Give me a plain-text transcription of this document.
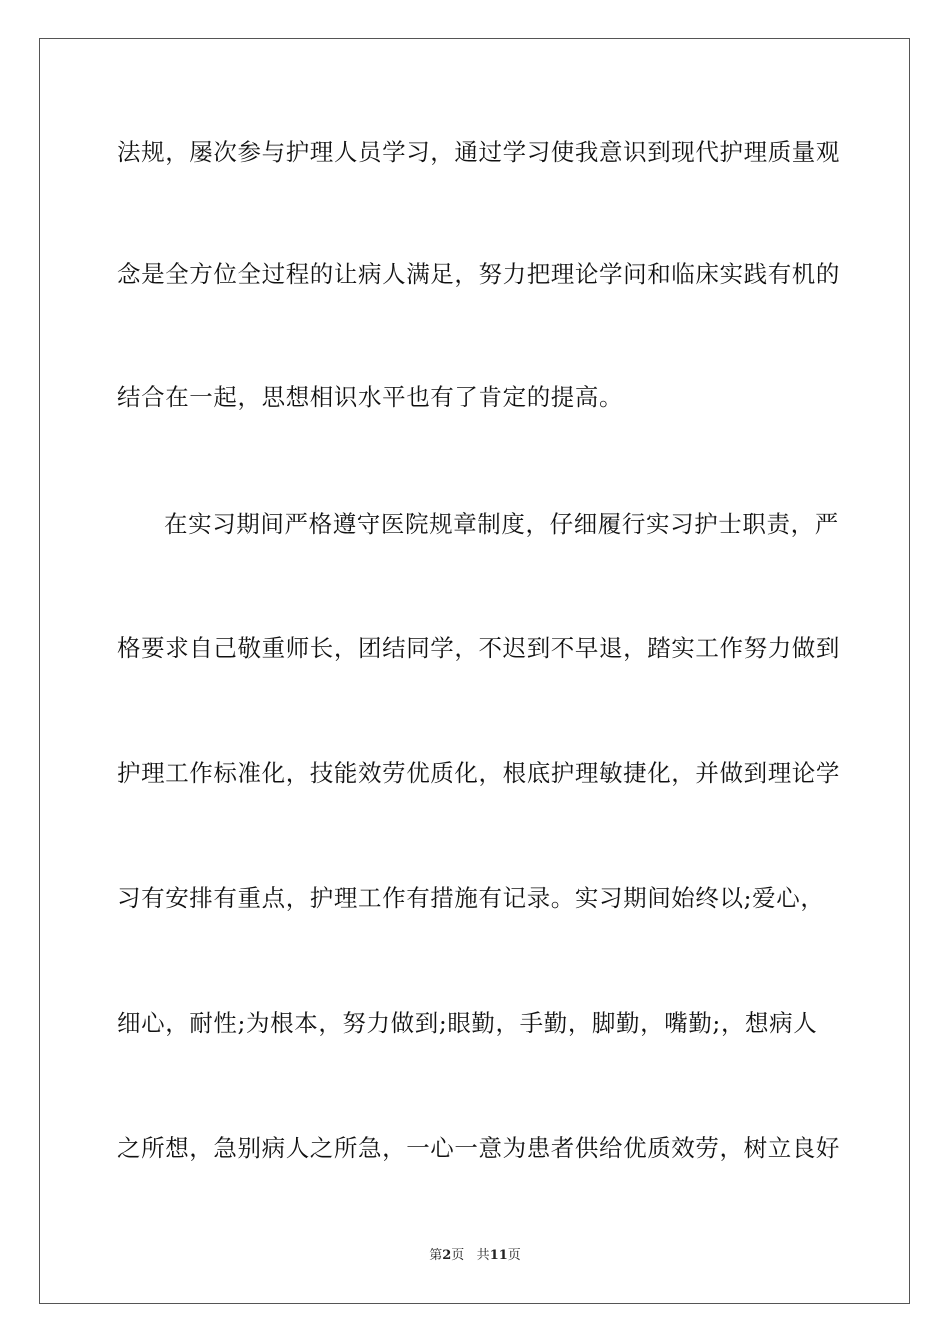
法规，屡次参与护理人员学习，通过学习使我意识到现代护理质量观
念是全方位全过程的让病人满足，努力把理论学问和临床实践有机的
结合在一起，思想相识水平也有了肯定的提高。
在实习期间严格遵守医院规章制度，仔细履行实习护士职责，严
格要求自己敬重师长，团结同学，不迟到不早退，踏实工作努力做到
护理工作标准化，技能效劳优质化，根底护理敏捷化，并做到理论学
习有安排有重点，护理工作有措施有记录。实习期间始终以;爱心，
细心，耐性;为根本，努力做到;眼勤，手勤，脚勤，嘴勤;，想病人
之所想，急别病人之所急，一心一意为患者供给优质效劳，树立良好
第2页 共11页
